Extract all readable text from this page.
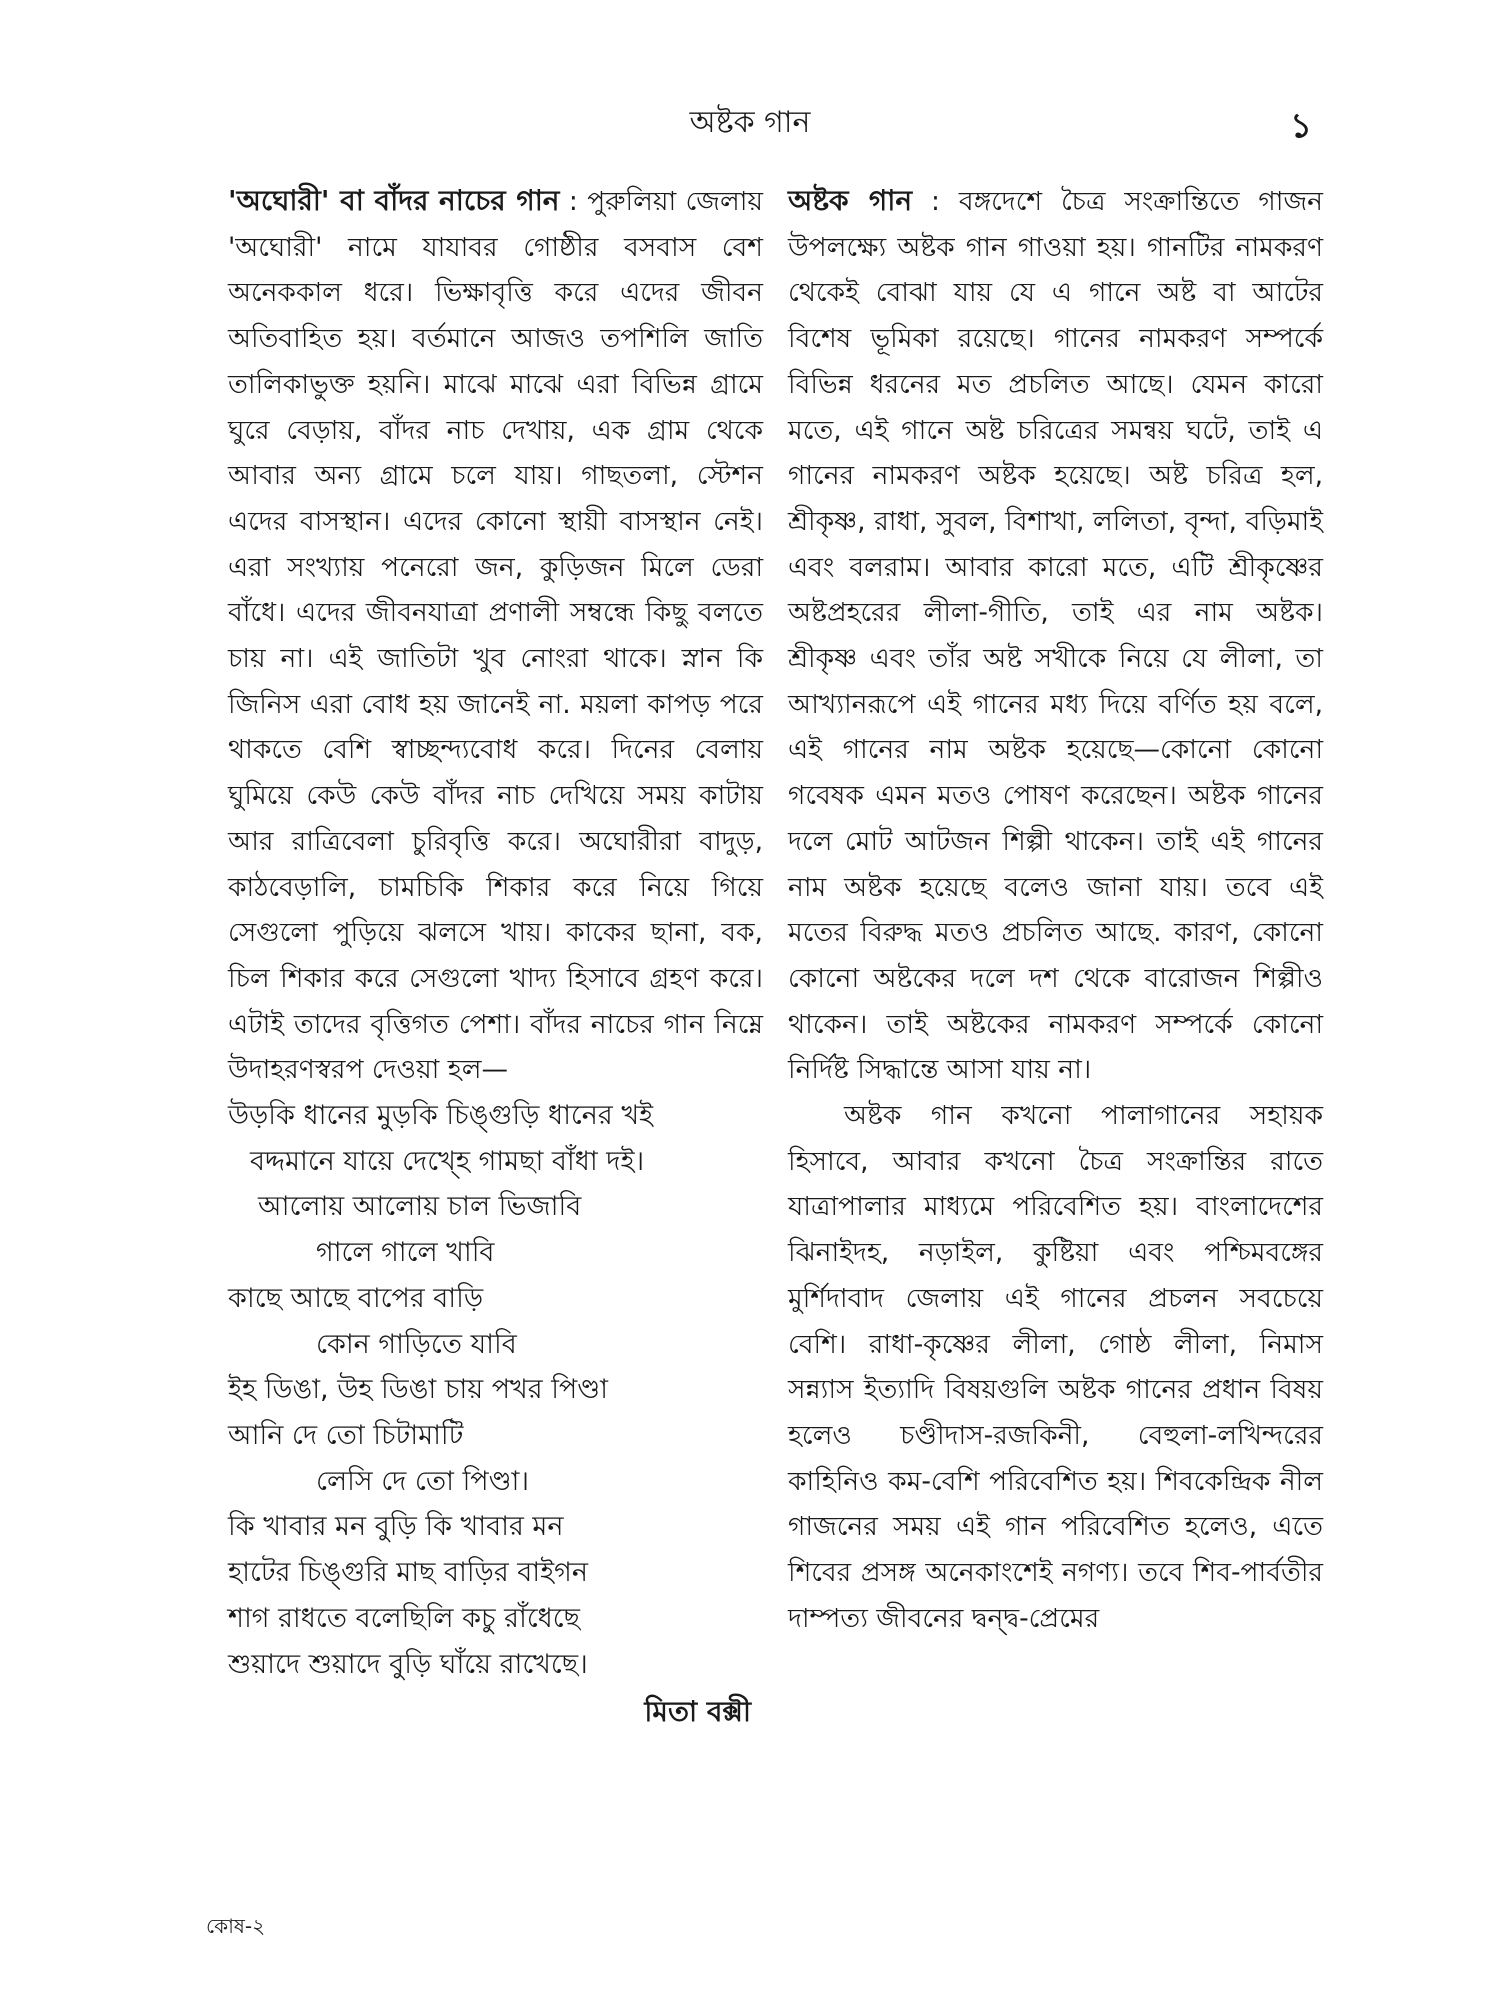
অষ্টক গান	১

'অঘোরী' বা বাঁদর নাচের গান : পুরুলিয়া জেলায় 'অঘোরী' নামে যাযাবর গোষ্ঠীর বসবাস বেশ অনেককাল ধরে। ভিক্ষাবৃত্তি করে এদের জীবন অতিবাহিত হয়। বর্তমানে আজও তপশিলি জাতি তালিকাভুক্ত হয়নি। মাঝে মাঝে এরা বিভিন্ন গ্রামে ঘুরে বেড়ায়, বাঁদর নাচ দেখায়, এক গ্রাম থেকে আবার অন্য গ্রামে চলে যায়। গাছতলা, স্টেশন এদের বাসস্থান। এদের কোনো স্থায়ী বাসস্থান নেই। এরা সংখ্যায় পনেরো জন, কুড়িজন মিলে ডেরা বাঁধে। এদের জীবনযাত্রা প্রণালী সম্বন্ধে কিছু বলতে চায় না। এই জাতিটা খুব নোংরা থাকে। স্নান কি জিনিস এরা বোধ হয় জানেই না. ময়লা কাপড় পরে থাকতে বেশি স্বাচ্ছন্দ্যবোধ করে। দিনের বেলায় ঘুমিয়ে কেউ কেউ বাঁদর নাচ দেখিয়ে সময় কাটায় আর রাত্রিবেলা চুরিবৃত্তি করে। অঘোরীরা বাদুড়, কাঠবেড়ালি, চামচিকি শিকার করে নিয়ে গিয়ে সেগুলো পুড়িয়ে ঝলসে খায়। কাকের ছানা, বক, চিল শিকার করে সেগুলো খাদ্য হিসাবে গ্রহণ করে। এটাই তাদের বৃত্তিগত পেশা। বাঁদর নাচের গান নিম্নে উদাহরণস্বরপ দেওয়া হল—

উড়কি ধানের মুড়কি চিঙ্গুড়ি ধানের খই
বদ্দমানে যায়ে দেখ্হে গামছা বাঁধা দই।
আলোয় আলোয় চাল ভিজাবি
গালে গালে খাবি
কাছে আছে বাপের বাড়ি
কোন গাড়িতে যাবি
ইহ ডিঙা, উহ ডিঙা চায় পখর পিণ্ডা
আনি দে তো চিটামাটি
লেসি দে তো পিণ্ডা।
কি খাবার মন বুড়ি কি খাবার মন
হাটের চিঙ্গুরি মাছ বাড়ির বাইগন
শাগ রাধতে বলেছিলি কচু রাঁধেছে
শুয়াদে শুয়াদে বুড়ি ঘাঁয়ে রাখেছে।
মিতা বক্সী

অষ্টক গান : বঙ্গদেশে চৈত্র সংক্রান্তিতে গাজন উপলক্ষ্যে অষ্টক গান গাওয়া হয়। গানটির নামকরণ থেকেই বোঝা যায় যে এ গানে অষ্ট বা আটের বিশেষ ভূমিকা রয়েছে। গানের নামকরণ সম্পর্কে বিভিন্ন ধরনের মত প্রচলিত আছে। যেমন কারো মতে, এই গানে অষ্ট চরিত্রের সমন্বয় ঘটে, তাই এ গানের নামকরণ অষ্টক হয়েছে। অষ্ট চরিত্র হল, শ্রীকৃষ্ণ, রাধা, সুবল, বিশাখা, ললিতা, বৃন্দা, বড়িমাই এবং বলরাম। আবার কারো মতে, এটি শ্রীকৃষ্ণের অষ্টপ্রহরের লীলা-গীতি, তাই এর নাম অষ্টক। শ্রীকৃষ্ণ এবং তাঁর অষ্ট সখীকে নিয়ে যে লীলা, তা আখ্যানরূপে এই গানের মধ্য দিয়ে বর্ণিত হয় বলে, এই গানের নাম অষ্টক হয়েছে—কোনো কোনো গবেষক এমন মতও পোষণ করেছেন। অষ্টক গানের দলে মোট আটজন শিল্পী থাকেন। তাই এই গানের নাম অষ্টক হয়েছে বলেও জানা যায়। তবে এই মতের বিরুদ্ধ মতও প্রচলিত আছে. কারণ, কোনো কোনো অষ্টকের দলে দশ থেকে বারোজন শিল্পীও থাকেন। তাই অষ্টকের নামকরণ সম্পর্কে কোনো নির্দিষ্ট সিদ্ধান্তে আসা যায় না।

অষ্টক গান কখনো পালাগানের সহায়ক হিসাবে, আবার কখনো চৈত্র সংক্রান্তির রাতে যাত্রাপালার মাধ্যমে পরিবেশিত হয়। বাংলাদেশের ঝিনাইদহ, নড়াইল, কুষ্টিয়া এবং পশ্চিমবঙ্গের মুর্শিদাবাদ জেলায় এই গানের প্রচলন সবচেয়ে বেশি। রাধা-কৃষ্ণের লীলা, গোষ্ঠ লীলা, নিমাস সন্ন্যাস ইত্যাদি বিষয়গুলি অষ্টক গানের প্রধান বিষয় হলেও চণ্ডীদাস-রজকিনী, বেহুলা-লখিন্দরের কাহিনিও কম-বেশি পরিবেশিত হয়। শিবকেন্দ্রিক নীল গাজনের সময় এই গান পরিবেশিত হলেও, এতে শিবের প্রসঙ্গ অনেকাংশেই নগণ্য। তবে শিব-পার্বতীর দাম্পত্য জীবনের দ্বন্দ্ব-প্রেমের

কোষ-২
